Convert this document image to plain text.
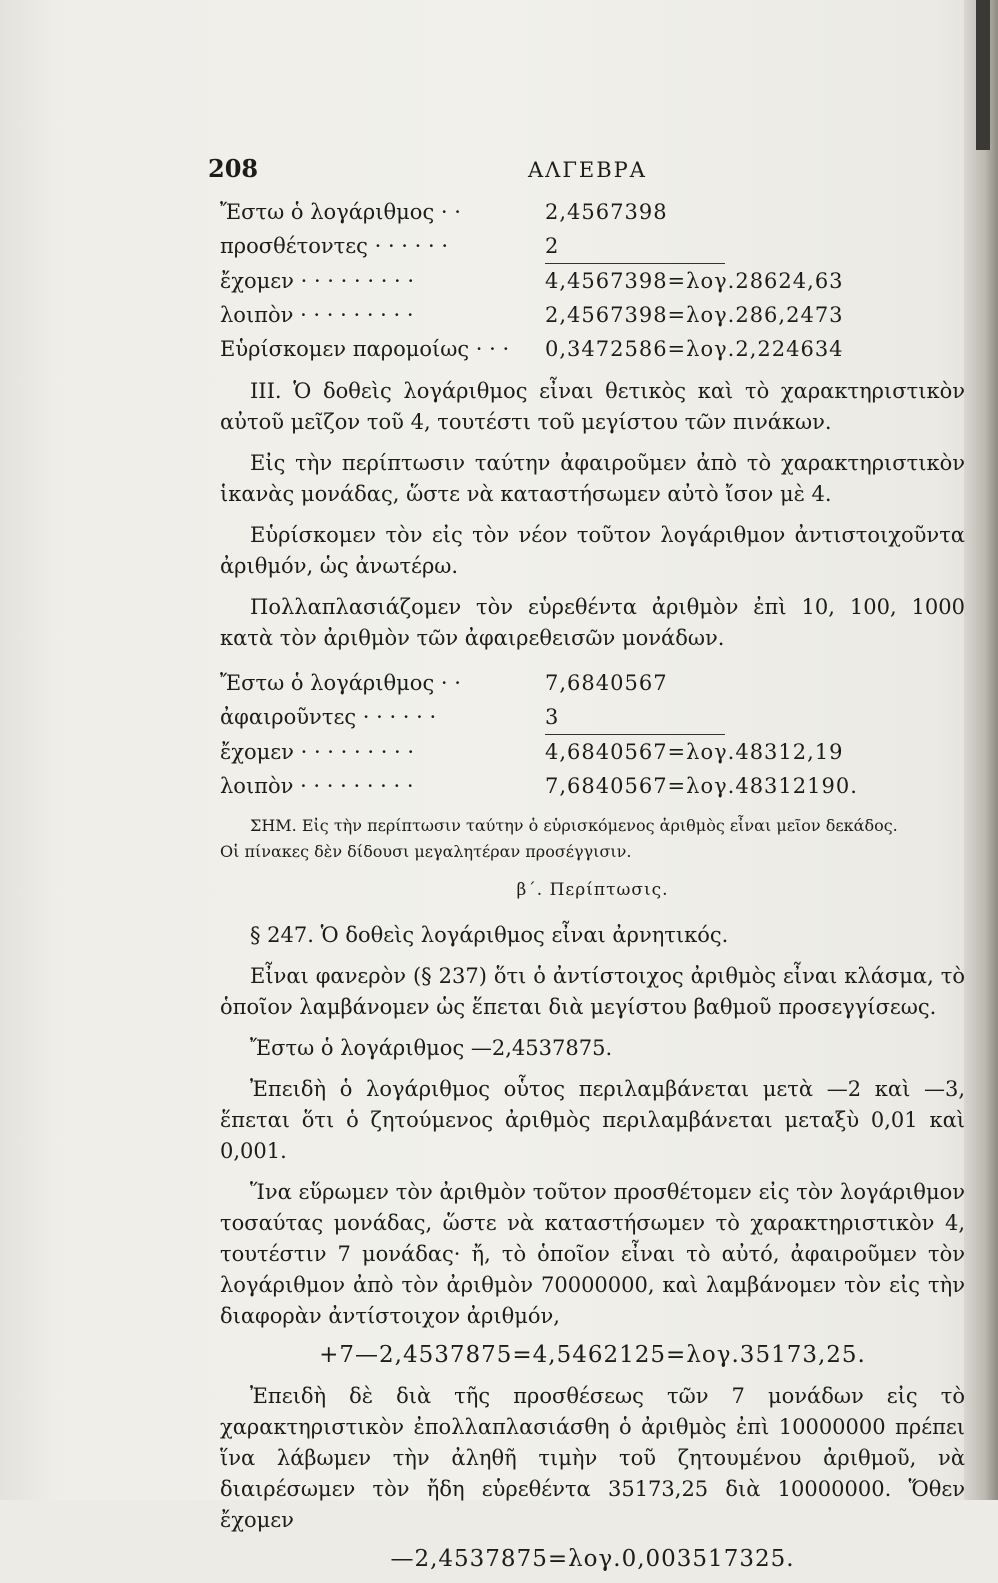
208	ΑΛΓΕΒΡΑ
Ἔστω ὁ λογάριθμος · ·	2,4567398
προσθέτοντες · · · · · ·	2
ἔχομεν · · · · · · · · ·	4,4567398=λογ.28624,63
λοιπὸν · · · · · · · · ·	2,4567398=λογ.286,2473
Εὑρίσκομεν παρομοίως · · ·	0,3472586=λογ.2,224634

ΙΙΙ. Ὁ δοθεὶς λογάριθμος εἶναι θετικὸς καὶ τὸ χαρακτηριστικὸν αὐτοῦ μεῖζον τοῦ 4, τουτέστι τοῦ μεγίστου τῶν πινάκων.

Εἰς τὴν περίπτωσιν ταύτην ἀφαιροῦμεν ἀπὸ τὸ χαρακτηριστικὸν ἱκανὰς μονάδας, ὥστε νὰ καταστήσωμεν αὐτὸ ἴσον μὲ 4.

Εὑρίσκομεν τὸν εἰς τὸν νέον τοῦτον λογάριθμον ἀντιστοιχοῦντα ἀριθμόν, ὡς ἀνωτέρω.

Πολλαπλασιάζομεν τὸν εὑρεθέντα ἀριθμὸν ἐπὶ 10, 100, 1000 κατὰ τὸν ἀριθμὸν τῶν ἀφαιρεθεισῶν μονάδων.

Ἔστω ὁ λογάριθμος · ·	7,6840567
ἀφαιροῦντες · · · · · ·	3
ἔχομεν · · · · · · · · ·	4,6840567=λογ.48312,19
λοιπὸν · · · · · · · · ·	7,6840567=λογ.48312190.
ΣΗΜ. Εἰς τὴν περίπτωσιν ταύτην ὁ εὑρισκόμενος ἀριθμὸς εἶναι μεῖον δεκάδος.
Οἱ πίνακες δὲν δίδουσι μεγαλητέραν προσέγγισιν.
β΄. Περίπτωσις.

§ 247. Ὁ δοθεὶς λογάριθμος εἶναι ἀρνητικός.

Εἶναι φανερὸν (§ 237) ὅτι ὁ ἀντίστοιχος ἀριθμὸς εἶναι κλάσμα, τὸ ὁποῖον λαμβάνομεν ὡς ἕπεται διὰ μεγίστου βαθμοῦ προσεγγίσεως.

Ἔστω ὁ λογάριθμος —2,4537875.

Ἐπειδὴ ὁ λογάριθμος οὗτος περιλαμβάνεται μετὰ —2 καὶ —3, ἕπεται ὅτι ὁ ζητούμενος ἀριθμὸς περιλαμβάνεται μεταξὺ 0,01 καὶ 0,001.

Ἵνα εὕρωμεν τὸν ἀριθμὸν τοῦτον προσθέτομεν εἰς τὸν λογάριθμον τοσαύτας μονάδας, ὥστε νὰ καταστήσωμεν τὸ χαρακτηριστικὸν 4, τουτέστιν 7 μονάδας· ἤ, τὸ ὁποῖον εἶναι τὸ αὐτό, ἀφαιροῦμεν τὸν λογάριθμον ἀπὸ τὸν ἀριθμὸν 70000000, καὶ λαμβάνομεν τὸν εἰς τὴν διαφορὰν ἀντίστοιχον ἀριθμόν,

+7—2,4537875=4,5462125=λογ.35173,25.

Ἐπειδὴ δὲ διὰ τῆς προσθέσεως τῶν 7 μονάδων εἰς τὸ χαρακτηριστικὸν ἐπολλαπλασιάσθη ὁ ἀριθμὸς ἐπὶ 10000000 πρέπει ἵνα λάβωμεν τὴν ἀληθῆ τιμὴν τοῦ ζητουμένου ἀριθμοῦ, νὰ διαιρέσωμεν τὸν ἤδη εὑρεθέντα 35173,25 διὰ 10000000. Ὅθεν ἔχομεν

—2,4537875=λογ.0,003517325.
